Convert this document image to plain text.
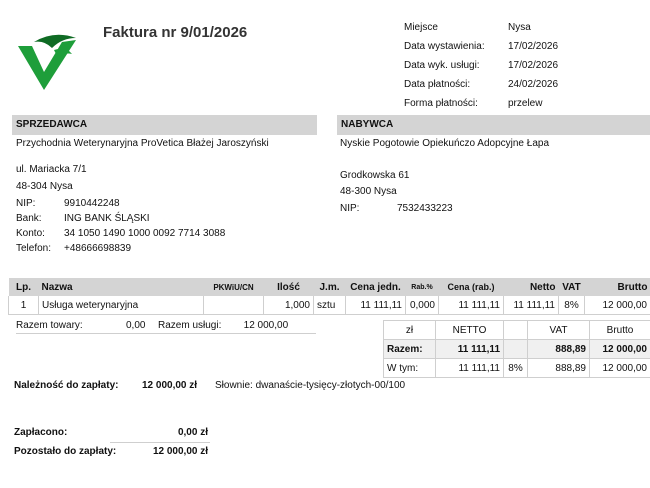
Faktura nr 9/01/2026	Miejsce	Nysa
Data wystawienia:	17/02/2026
Data wyk. usługi:	17/02/2026
Data płatności:	24/02/2026
Forma płatności:	przelew
SPRZEDAWCA
Przychodnia Weterynaryjna ProVetica Błażej Jaroszyński
ul. Mariacka 7/1
48-304 Nysa
NIP:	9910442248
Bank: ING BANK ŚLĄSKI
Konto: 34 1050 1490 1000 0092 7714 3088
Telefon: +48666698839
NABYWCA
Nyskie Pogotowie Opiekuńczo Adopcyjne Łapa
Grodkowska 61
48-300 Nysa
NIP:	7532433223
Lp.	Nazwa	PKWiU/CN	Ilość	J.m.	Cena jedn.	Rab.%	Cena (rab.)	Netto	VAT	Brutto
1	Usługa weterynaryjna		1,000	sztu	11 111,11	0,000	11 111,11	11 111,11	8%	12 000,00
Razem towary:	0,00 Razem usługi: 12 000,00	zł	NETTO		VAT	Brutto
Razem:	11 111,11		888,89	12 000,00
W tym:	11 111,11	8%	888,89	12 000,00
Należność do zapłaty: 12 000,00 zł Słownie: dwanaście-tysięcy-złotych-00/100
Zapłacono:	0,00 zł
Pozostało do zapłaty:	12 000,00 zł
